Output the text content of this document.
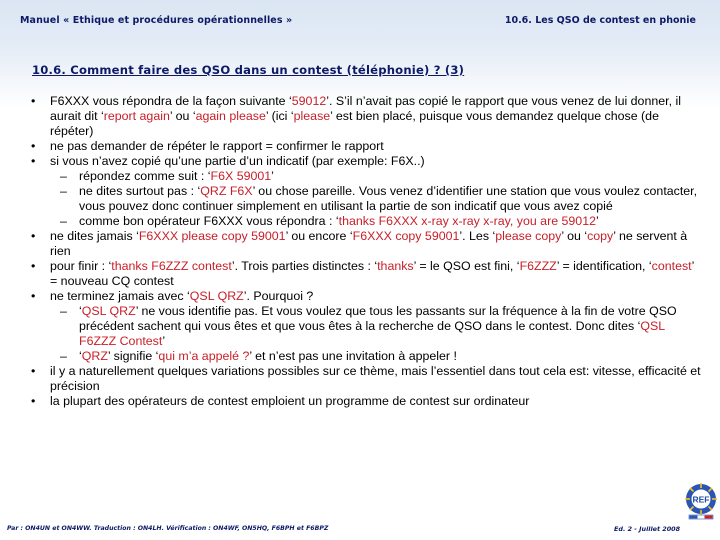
Manuel « Ethique et procédures opérationnelles »	10.6. Les QSO de contest en phonie
10.6. Comment faire des QSO dans un contest (téléphonie) ? (3)
• F6XXX vous répondra de la façon suivante ‘59012’. S’il n’avait pas copié le rapport que vous venez de lui donner, il aurait dit ‘report again’ ou ‘again please’ (ici ‘please’ est bien placé, puisque vous demandez quelque chose (de répéter)
• ne pas demander de répéter le rapport = confirmer le rapport
• si vous n’avez copié qu’une partie d’un indicatif (par exemple: F6X..)
– répondez comme suit : ‘F6X 59001’
– ne dites surtout pas : ‘QRZ F6X’ ou chose pareille. Vous venez d’identifier une station que vous voulez contacter, vous pouvez donc continuer simplement en utilisant la partie de son indicatif que vous avez copié
– comme bon opérateur F6XXX vous répondra : ‘thanks F6XXX x-ray x-ray x-ray, you are 59012’
• ne dites jamais ‘F6XXX please copy 59001’ ou encore ‘F6XXX copy 59001’. Les ‘please copy’ ou ‘copy’ ne servent à rien
• pour finir : ‘thanks F6ZZZ contest’. Trois parties distinctes : ‘thanks’ = le QSO est fini, ‘F6ZZZ’ = identification, ‘contest’ = nouveau CQ contest
• ne terminez jamais avec ‘QSL QRZ’. Pourquoi ?
– ‘QSL QRZ’ ne vous identifie pas. Et vous voulez que tous les passants sur la fréquence à la fin de votre QSO précédent sachent qui vous êtes et que vous êtes à la recherche de QSO dans le contest. Donc dites ‘QSL F6ZZZ Contest’
– ‘QRZ’ signifie ‘qui m’a appelé ?’ et n’est pas une invitation à appeler !
• il y a naturellement quelques variations possibles sur ce thème, mais l’essentiel dans tout cela est: vitesse, efficacité et précision
• la plupart des opérateurs de contest emploient un programme de contest sur ordinateur
Par : ON4UN et ON4WW. Traduction : ON4LH. Vérification : ON4WF, ON5HQ, F6BPH et F6BPZ	Ed. 2 - Juillet 2008
REF
